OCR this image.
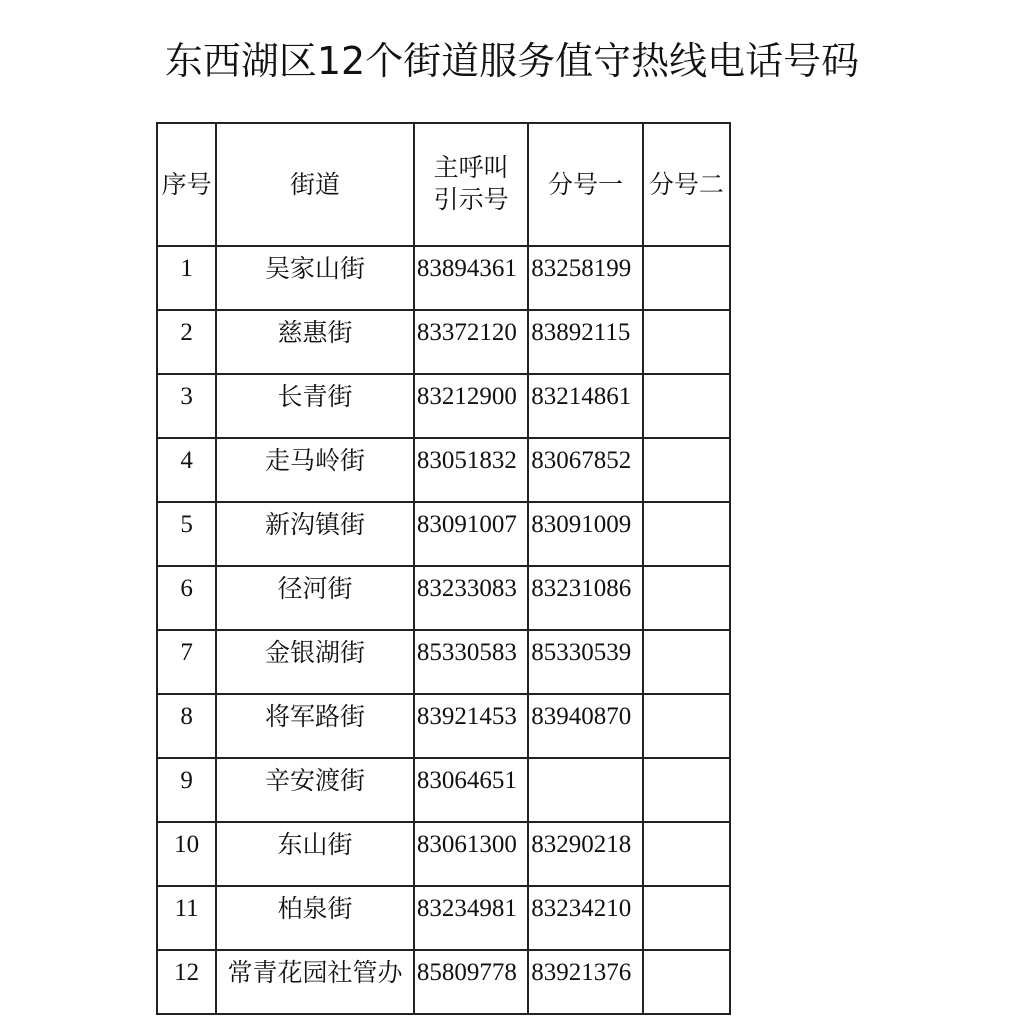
东西湖区12个街道服务值守热线电话号码
序号	街道	主呼叫引示号	分号一	分号二
1	吴家山街	83894361	83258199	
2	慈惠街	83372120	83892115	
3	长青街	83212900	83214861	
4	走马岭街	83051832	83067852	
5	新沟镇街	83091007	83091009	
6	径河街	83233083	83231086	
7	金银湖街	85330583	85330539	
8	将军路街	83921453	83940870	
9	辛安渡街	83064651		
10	东山街	83061300	83290218	
11	柏泉街	83234981	83234210	
12	常青花园社管办	85809778	83921376	
